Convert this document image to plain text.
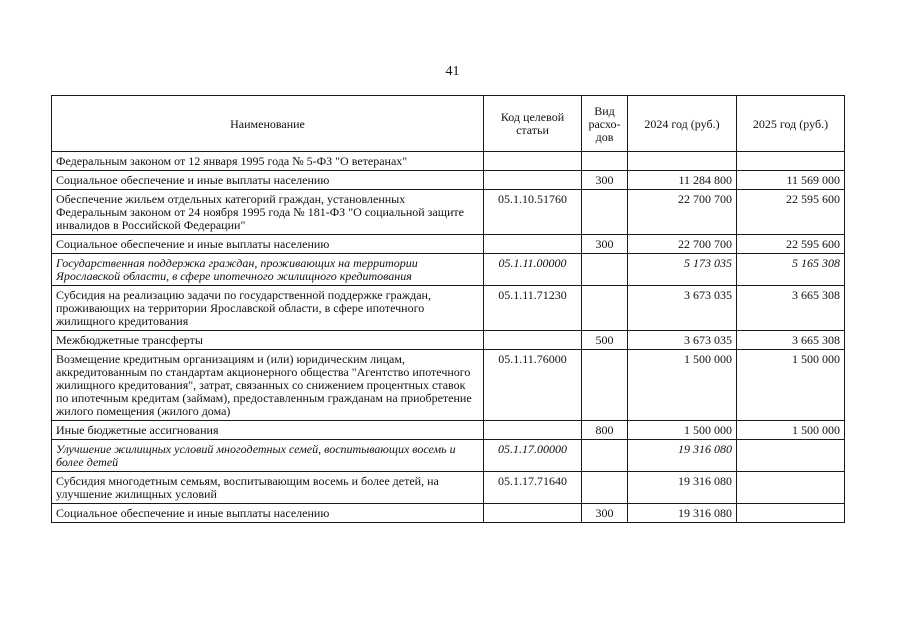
41
Наименование	Код целевой статьи	Вид расхо-дов	2024 год (руб.)	2025 год (руб.)
Федеральным законом от 12 января 1995 года № 5-ФЗ "О ветеранах"				
Социальное обеспечение и иные выплаты населению		300	11 284 800	11 569 000
Обеспечение жильем отдельных категорий граждан, установленных Федеральным законом от 24 ноября 1995 года № 181-ФЗ "О социальной защите инвалидов в Российской Федерации"	05.1.10.51760		22 700 700	22 595 600
Социальное обеспечение и иные выплаты населению		300	22 700 700	22 595 600
Государственная поддержка граждан, проживающих на территории Ярославской области, в сфере ипотечного жилищного кредитования	05.1.11.00000		5 173 035	5 165 308
Субсидия на реализацию задачи по государственной поддержке граждан, проживающих на территории Ярославской области, в сфере ипотечного жилищного кредитования	05.1.11.71230		3 673 035	3 665 308
Межбюджетные трансферты		500	3 673 035	3 665 308
Возмещение кредитным организациям и (или) юридическим лицам, аккредитованным по стандартам акционерного общества "Агентство ипотечного жилищного кредитования", затрат, связанных со снижением процентных ставок по ипотечным кредитам (займам), предоставленным гражданам на приобретение жилого помещения (жилого дома)	05.1.11.76000		1 500 000	1 500 000
Иные бюджетные ассигнования		800	1 500 000	1 500 000
Улучшение жилищных условий многодетных семей, воспитывающих восемь и более детей	05.1.17.00000		19 316 080	
Субсидия многодетным семьям, воспитывающим восемь и более детей, на улучшение жилищных условий	05.1.17.71640		19 316 080	
Социальное обеспечение и иные выплаты населению		300	19 316 080	
